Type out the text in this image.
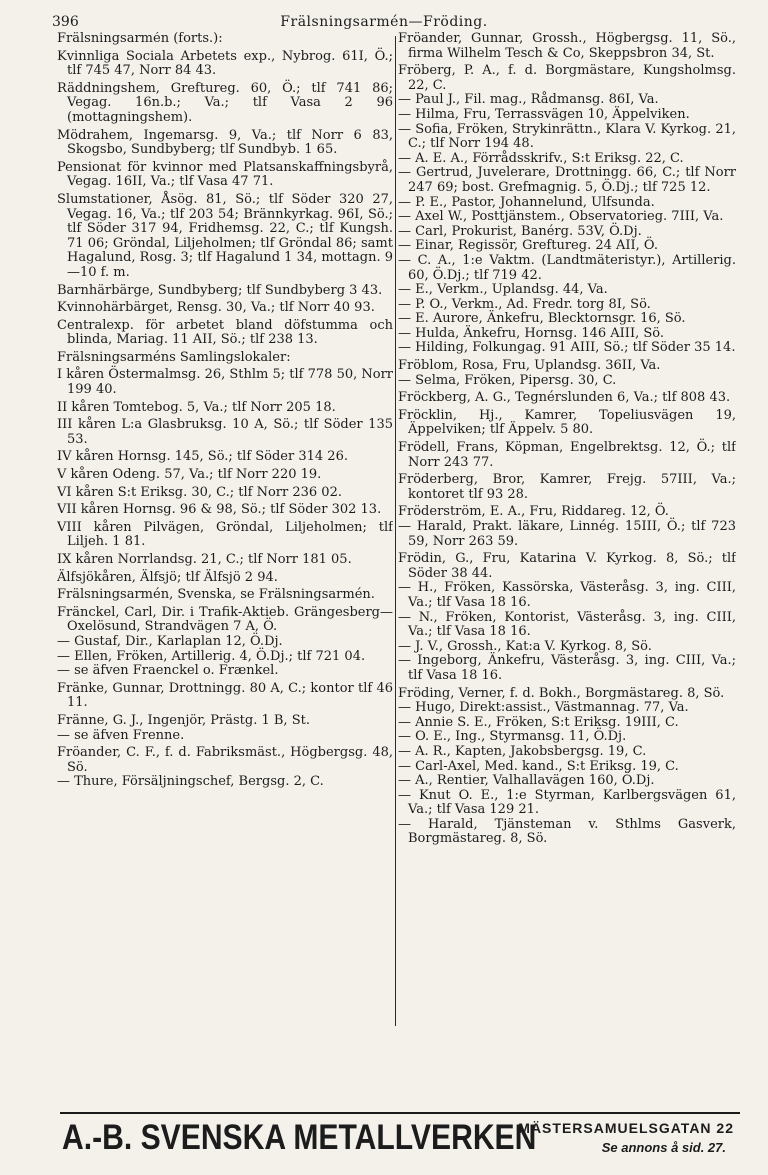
396	Frälsningsarmén—Fröding.

Frälsningsarmén (forts.):

Kvinnliga Sociala Arbetets exp., Nybrog. 61I, Ö.; tlf 745 47, Norr 84 43.

Räddningshem, Greftureg. 60, Ö.; tlf 741 86; Vegag. 16n.b.; Va.; tlf Vasa 2 96 (mottagningshem).

Mödrahem, Ingemarsg. 9, Va.; tlf Norr 6 83, Skogsbo, Sundbyberg; tlf Sundbyb. 1 65.

Pensionat för kvinnor med Platsanskaffningsbyrå, Vegag. 16II, Va.; tlf Vasa 47 71.

Slumstationer, Åsög. 81, Sö.; tlf Söder 320 27, Vegag. 16, Va.; tlf 203 54; Brännkyrkag. 96I, Sö.; tlf Söder 317 94, Fridhemsg. 22, C.; tlf Kungsh. 71 06; Gröndal, Liljeholmen; tlf Gröndal 86; samt Hagalund, Rosg. 3; tlf Hagalund 1 34, mottagn. 9—10 f. m.

Barnhärbärge, Sundbyberg; tlf Sundbyberg 3 43.

Kvinnohärbärget, Rensg. 30, Va.; tlf Norr 40 93.

Centralexp. för arbetet bland döfstumma och blinda, Mariag. 11 AII, Sö.; tlf 238 13.

Frälsningsarméns Samlingslokaler:

I kåren Östermalmsg. 26, Sthlm 5; tlf 778 50, Norr 199 40.

II kåren Tomtebog. 5, Va.; tlf Norr 205 18.

III kåren L:a Glasbruksg. 10 A, Sö.; tlf Söder 135 53.

IV kåren Hornsg. 145, Sö.; tlf Söder 314 26.

V kåren Odeng. 57, Va.; tlf Norr 220 19.

VI kåren S:t Eriksg. 30, C.; tlf Norr 236 02.

VII kåren Hornsg. 96 & 98, Sö.; tlf Söder 302 13.

VIII kåren Pilvägen, Gröndal, Liljeholmen; tlf Liljeh. 1 81.

IX kåren Norrlandsg. 21, C.; tlf Norr 181 05.

Älfsjökåren, Älfsjö; tlf Älfsjö 2 94.

Frälsningsarmén, Svenska, se Frälsningsarmén.

Fränckel, Carl, Dir. i Trafik-Aktieb. Grängesberg—Oxelösund, Strandvägen 7 A, Ö.

— Gustaf, Dir., Karlaplan 12, Ö.Dj.

— Ellen, Fröken, Artillerig. 4, Ö.Dj.; tlf 721 04.

— se äfven Fraenckel o. Frænkel.

Fränke, Gunnar, Drottningg. 80 A, C.; kontor tlf 46 11.

Fränne, G. J., Ingenjör, Prästg. 1 B, St.

— se äfven Frenne.

Fröander, C. F., f. d. Fabriksmäst., Högbergsg. 48, Sö.

— Thure, Försäljningschef, Bergsg. 2, C.

Fröander, Gunnar, Grossh., Högbergsg. 11, Sö., firma Wilhelm Tesch & Co, Skeppsbron 34, St.

Fröberg, P. A., f. d. Borgmästare, Kungsholmsg. 22, C.

— Paul J., Fil. mag., Rådmansg. 86I, Va.

— Hilma, Fru, Terrassvägen 10, Äppelviken.

— Sofia, Fröken, Strykinrättn., Klara V. Kyrkog. 21, C.; tlf Norr 194 48.

— A. E. A., Förrådsskrifv., S:t Eriksg. 22, C.

— Gertrud, Juvelerare, Drottningg. 66, C.; tlf Norr 247 69; bost. Grefmagnig. 5, Ö.Dj.; tlf 725 12.

— P. E., Pastor, Johannelund, Ulfsunda.

— Axel W., Posttjänstem., Observatorieg. 7III, Va.

— Carl, Prokurist, Banérg. 53V, Ö.Dj.

— Einar, Regissör, Greftureg. 24 AII, Ö.

— C. A., 1:e Vaktm. (Landtmäteristyr.), Artillerig. 60, Ö.Dj.; tlf 719 42.

— E., Verkm., Uplandsg. 44, Va.

— P. O., Verkm., Ad. Fredr. torg 8I, Sö.

— E. Aurore, Änkefru, Blecktornsgr. 16, Sö.

— Hulda, Änkefru, Hornsg. 146 AIII, Sö.

— Hilding, Folkungag. 91 AIII, Sö.; tlf Söder 35 14.

Fröblom, Rosa, Fru, Uplandsg. 36II, Va.

— Selma, Fröken, Pipersg. 30, C.

Fröckberg, A. G., Tegnérslunden 6, Va.; tlf 808 43.

Fröcklin, Hj., Kamrer, Topeliusvägen 19, Äppelviken; tlf Äppelv. 5 80.

Frödell, Frans, Köpman, Engelbrektsg. 12, Ö.; tlf Norr 243 77.

Fröderberg, Bror, Kamrer, Frejg. 57III, Va.; kontoret tlf 93 28.

Fröderström, E. A., Fru, Riddareg. 12, Ö.

— Harald, Prakt. läkare, Linnég. 15III, Ö.; tlf 723 59, Norr 263 59.

Frödin, G., Fru, Katarina V. Kyrkog. 8, Sö.; tlf Söder 38 44.

— H., Fröken, Kassörska, Västeråsg. 3, ing. CIII, Va.; tlf Vasa 18 16.

— N., Fröken, Kontorist, Västeråsg. 3, ing. CIII, Va.; tlf Vasa 18 16.

— J. V., Grossh., Kat:a V. Kyrkog. 8, Sö.

— Ingeborg, Änkefru, Västeråsg. 3, ing. CIII, Va.; tlf Vasa 18 16.

Fröding, Verner, f. d. Bokh., Borgmästareg. 8, Sö.

— Hugo, Direkt:assist., Västmannag. 77, Va.

— Annie S. E., Fröken, S:t Eriksg. 19III, C.

— O. E., Ing., Styrmansg. 11, Ö.Dj.

— A. R., Kapten, Jakobsbergsg. 19, C.

— Carl-Axel, Med. kand., S:t Eriksg. 19, C.

— A., Rentier, Valhallavägen 160, Ö.Dj.

— Knut O. E., 1:e Styrman, Karlbergsvägen 61, Va.; tlf Vasa 129 21.

— Harald, Tjänsteman v. Sthlms Gasverk, Borgmästareg. 8, Sö.

A.-B. SVENSKA METALLVERKEN
MÄSTERSAMUELSGATAN 22
Se annons å sid. 27.
